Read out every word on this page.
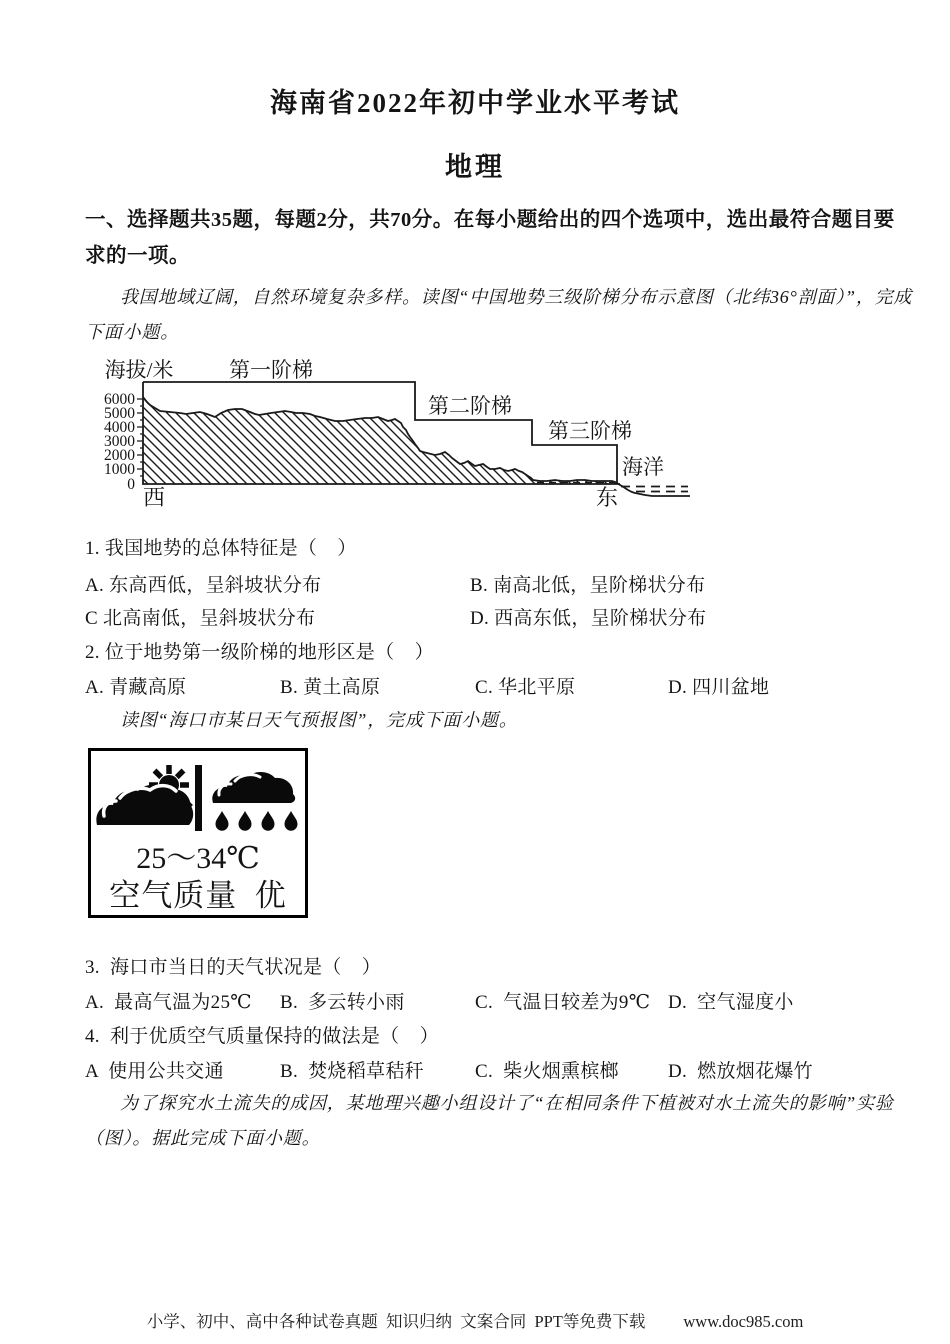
海南省2022年初中学业水平考试
地理
一、选择题共35题，每题2分，共70分。在每小题给出的四个选项中，选出最符合题目要
求的一项。
我国地域辽阔，自然环境复杂多样。读图“中国地势三级阶梯分布示意图（北纬36°剖面）”，完成
下面小题。
海拔/米	第一阶梯
第二阶梯
第三阶梯
海洋
西	东
6000
5000
4000
3000
2000
1000
0
1. 我国地势的总体特征是（    ）
A. 东高西低，呈斜坡状分布	B. 南高北低，呈阶梯状分布
C 北高南低，呈斜坡状分布	D. 西高东低，呈阶梯状分布
2. 位于地势第一级阶梯的地形区是（    ）
A. 青藏高原	B. 黄土高原	C. 华北平原	D. 四川盆地
读图“海口市某日天气预报图”，完成下面小题。
25～34℃
空气质量  优
3.  海口市当日的天气状况是（    ）
A.  最高气温为25℃ B.  多云转小雨	C.  气温日较差为9℃ D.  空气湿度小
4.  利于优质空气质量保持的做法是（    ）
A  使用公共交通	B.  焚烧稻草秸秆	C.  柴火烟熏槟榔	D.  燃放烟花爆竹
为了探究水土流失的成因，某地理兴趣小组设计了“在相同条件下植被对水土流失的影响”实验
（图）。据此完成下面小题。
小学、初中、高中各种试卷真题  知识归纳  文案合同  PPT等免费下载 www.doc985.com
